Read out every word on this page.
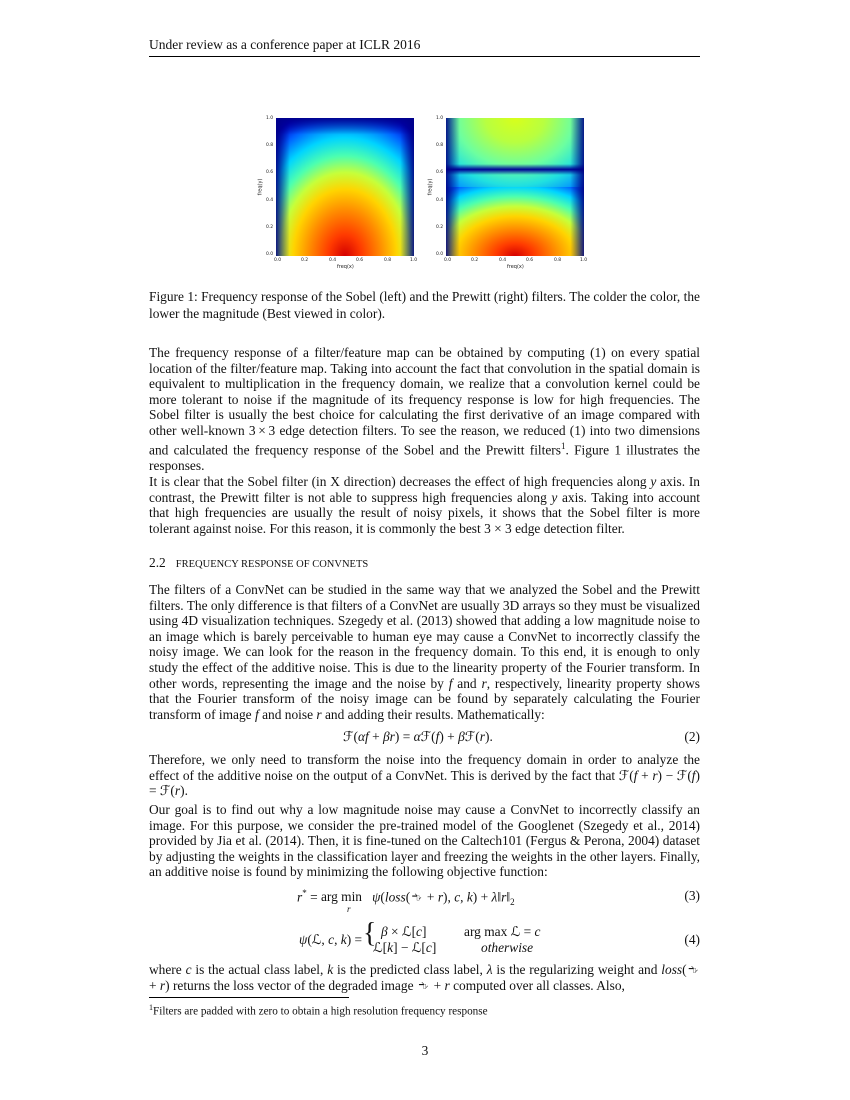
Under review as a conference paper at ICLR 2016
1.0
0.8
0.6
0.4
0.2
0.0
0.0	0.2	0.4	0.6	0.8	1.0
freq(x)
freq(y)
1.0
0.8
0.6
0.4
0.2
0.0
0.0	0.2	0.4	0.6	0.8	1.0
freq(x)
freq(y)
Figure 1: Frequency response of the Sobel (left) and the Prewitt (right) filters. The colder the color, the lower the magnitude (Best viewed in color).
The frequency response of a filter/feature map can be obtained by computing (1) on every spatial location of the filter/feature map. Taking into account the fact that convolution in the spatial domain is equivalent to multiplication in the frequency domain, we realize that a convolution kernel could be more tolerant to noise if the magnitude of its frequency response is low for high frequencies. The Sobel filter is usually the best choice for calculating the first derivative of an image compared with other well-known 3 × 3 edge detection filters. To see the reason, we reduced (1) into two dimensions and calculated the frequency response of the Sobel and the Prewitt filters$^1$. Figure 1 illustrates the responses.
It is clear that the Sobel filter (in X direction) decreases the effect of high frequencies along y axis. In contrast, the Prewitt filter is not able to suppress high frequencies along y axis. Taking into account that high frequencies are usually the result of noisy pixels, it shows that the Sobel filter is more tolerant against noise. For this reason, it is commonly the best 3 × 3 edge detection filter.
2.2 FREQUENCY RESPONSE OF CONVNETS
The filters of a ConvNet can be studied in the same way that we analyzed the Sobel and the Prewitt filters. The only difference is that filters of a ConvNet are usually 3D arrays so they must be visualized using 4D visualization techniques. Szegedy et al. (2013) showed that adding a low magnitude noise to an image which is barely perceivable to human eye may cause a ConvNet to incorrectly classify the noisy image. We can look for the reason in the frequency domain. To this end, it is enough to only study the effect of the additive noise. This is due to the linearity property of the Fourier transform. In other words, representing the image and the noise by f and r, respectively, linearity property shows that the Fourier transform of the noisy image can be found by separately calculating the Fourier transform of image f and noise r and adding their results. Mathematically:
ℱ(αf + βr) = αℱ(f) + βℱ(r).	(2)
Therefore, we only need to transform the noise into the frequency domain in order to analyze the effect of the additive noise on the output of a ConvNet. This is derived by the fact that ℱ(f + r) − ℱ(f) = ℱ(r).
Our goal is to find out why a low magnitude noise may cause a ConvNet to incorrectly classify an image. For this purpose, we consider the pre-trained model of the Googlenet (Szegedy et al., 2014) provided by Jia et al. (2014). Then, it is fine-tuned on the Caltech101 (Fergus & Perona, 2004) dataset by adjusting the weights in the classification layer and freezing the weights in the other layers. Finally, an additive noise is found by minimizing the following objective function:
r* = arg min
r
ψ(loss(𝢛 + r), c, $k) + \lambda‖r‖_2$	(3)
ψ(ℒ, c, k) = { β × ℒ[c]	arg max ℒ = c
ℒ[k] − ℒ[c]	otherwise
(4)
where c is the actual class label, k is the predicted class label, λ is the regularizing weight and loss(𝢛 + r) returns the loss vector of the degraded image 𝢛 + r computed over all classes. Also,
$^1$Filters are padded with zero to obtain a high resolution frequency response
3
